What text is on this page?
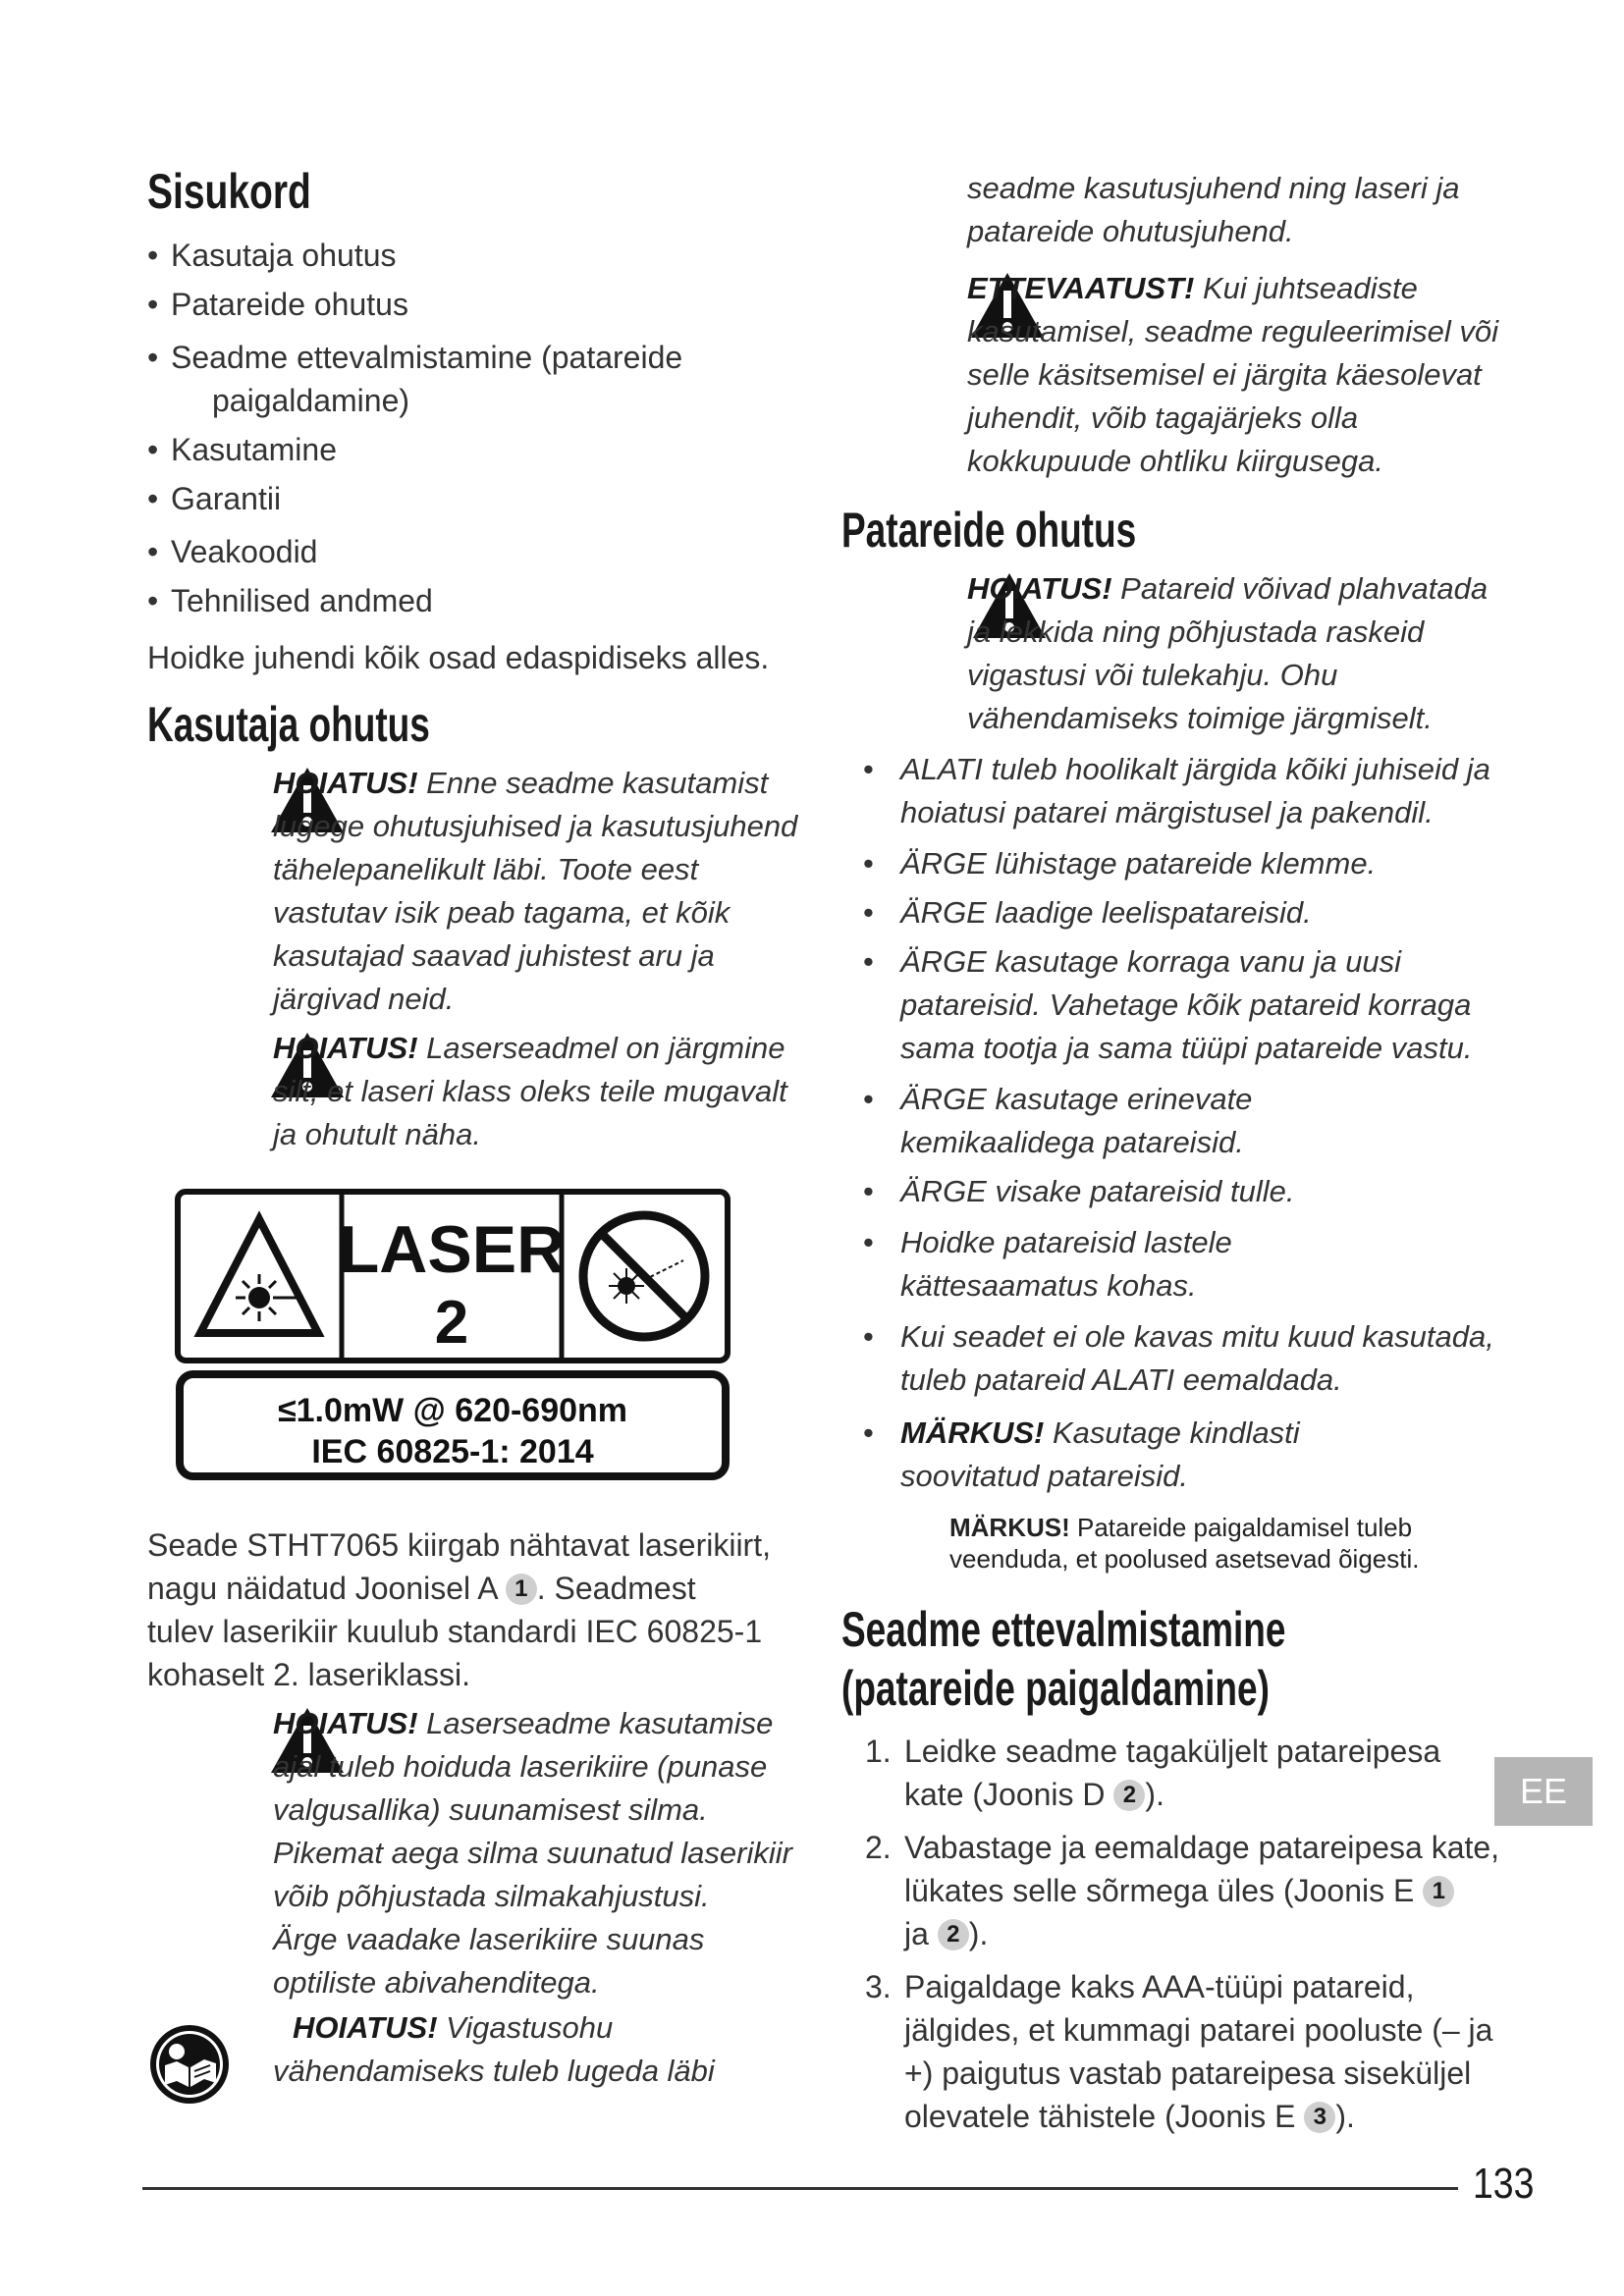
Sisukord
• Kasutaja ohutus
• Patareide ohutus
• Seadme ettevalmistamine (patareide
paigaldamine)
• Kasutamine
• Garantii
• Veakoodid
• Tehnilised andmed

Hoidke juhendi kõik osad edaspidiseks alles.

Kasutaja ohutus

HOIATUS! Enne seadme kasutamist
lugege ohutusjuhised ja kasutusjuhend
tähelepanelikult läbi. Toote eest
vastutav isik peab tagama, et kõik
kasutajad saavad juhistest aru ja
järgivad neid.

HOIATUS! Laserseadmel on järgmine
silt, et laseri klass oleks teile mugavalt
ja ohutult näha.

LASER
2
≤1.0mW @ 620-690nm
IEC 60825-1: 2014

Seade STHT7065 kiirgab nähtavat laserikiirt,
nagu näidatud Joonisel A 1 . Seadmest
tulev laserikiir kuulub standardi IEC 60825-1
kohaselt 2. laseriklassi.

HOIATUS! Laserseadme kasutamise
ajal tuleb hoiduda laserikiire (punase
valgusallika) suunamisest silma.
Pikemat aega silma suunatud laserikiir
võib põhjustada silmakahjustusi.
Ärge vaadake laserikiire suunas
optiliste abivahenditega.

HOIATUS! Vigastusohu
vähendamiseks tuleb lugeda läbi

seadme kasutusjuhend ning laseri ja
patareide ohutusjuhend.

ETTEVAATUST! Kui juhtseadiste
kasutamisel, seadme reguleerimisel või
selle käsitsemisel ei järgita käesolevat
juhendit, võib tagajärjeks olla
kokkupuude ohtliku kiirgusega.

Patareide ohutus

HOIATUS! Patareid võivad plahvatada
ja lekkida ning põhjustada raskeid
vigastusi või tulekahju. Ohu
vähendamiseks toimige järgmiselt.

• ALATI tuleb hoolikalt järgida kõiki juhiseid ja
hoiatusi patarei märgistusel ja pakendil.
• ÄRGE lühistage patareide klemme.
• ÄRGE laadige leelispatareisid.
• ÄRGE kasutage korraga vanu ja uusi
patareisid. Vahetage kõik patareid korraga
sama tootja ja sama tüüpi patareide vastu.
• ÄRGE kasutage erinevate
kemikaalidega patareisid.
• ÄRGE visake patareisid tulle.
• Hoidke patareisid lastele
kättesaamatus kohas.
• Kui seadet ei ole kavas mitu kuud kasutada,
tuleb patareid ALATI eemaldada.
• MÄRKUS! Kasutage kindlasti
soovitatud patareisid.
MÄRKUS! Patareide paigaldamisel tuleb
veenduda, et poolused asetsevad õigesti.
Seadme ettevalmistamine
(patareide paigaldamine)
1. Leidke seadme tagaküljelt patareipesa
kate (Joonis D 2 ).
2. Vabastage ja eemaldage patareipesa kate,
lükates selle sõrmega üles (Joonis E 1
ja 2 ).
3. Paigaldage kaks AAA-tüüpi patareid,
jälgides, et kummagi patarei pooluste (– ja
+) paigutus vastab patareipesa siseküljel
olevatele tähistele (Joonis E 3 ).
EE
133
